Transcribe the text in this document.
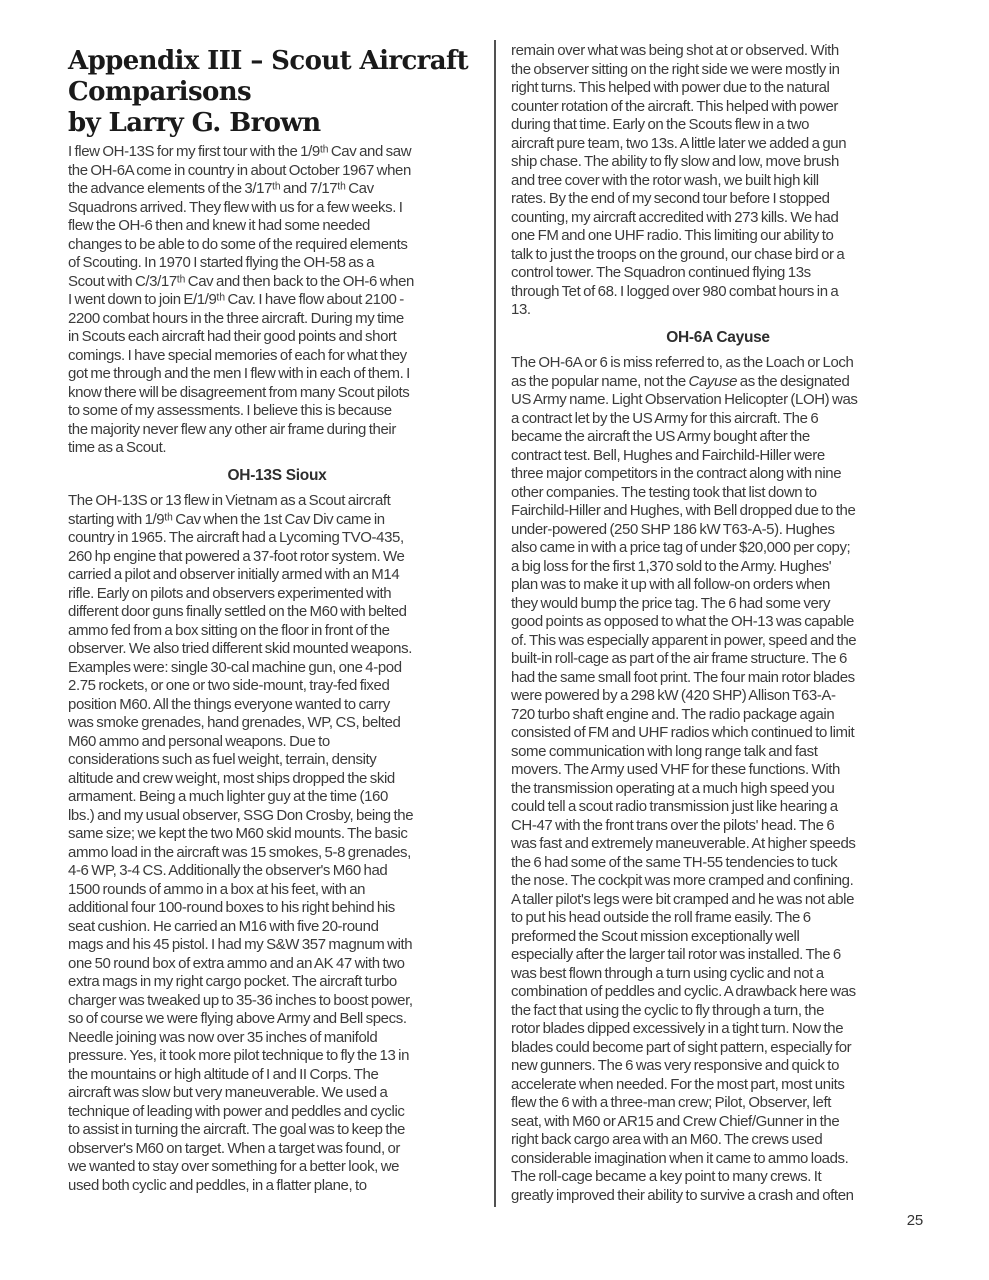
Appendix III – Scout Aircraft
Comparisons
by Larry G. Brown
I flew OH-13S for my first tour with the 1/9ᵗʰ Cav and saw
the OH-6A come in country in about October 1967 when
the advance elements of the 3/17ᵗʰ and 7/17ᵗʰ Cav
Squadrons arrived. They flew with us for a few weeks. I
flew the OH-6 then and knew it had some needed
changes to be able to do some of the required elements
of Scouting. In 1970 I started flying the OH-58 as a
Scout with C/3/17ᵗʰ Cav and then back to the OH-6 when
I went down to join E/1/9ᵗʰ Cav. I have flow about 2100 -
2200 combat hours in the three aircraft. During my time
in Scouts each aircraft had their good points and short
comings. I have special memories of each for what they
got me through and the men I flew with in each of them. I
know there will be disagreement from many Scout pilots
to some of my assessments. I believe this is because
the majority never flew any other air frame during their
time as a Scout.
OH-13S Sioux
The OH-13S or 13 flew in Vietnam as a Scout aircraft
starting with 1/9ᵗʰ Cav when the 1st Cav Div came in
country in 1965. The aircraft had a Lycoming TVO-435,
260 hp engine that powered a 37-foot rotor system. We
carried a pilot and observer initially armed with an M14
rifle. Early on pilots and observers experimented with
different door guns finally settled on the M60 with belted
ammo fed from a box sitting on the floor in front of the
observer. We also tried different skid mounted weapons.
Examples were: single 30-cal machine gun, one 4-pod
2.75 rockets, or one or two side-mount, tray-fed fixed
position M60. All the things everyone wanted to carry
was smoke grenades, hand grenades, WP, CS, belted
M60 ammo and personal weapons. Due to
considerations such as fuel weight, terrain, density
altitude and crew weight, most ships dropped the skid
armament. Being a much lighter guy at the time (160
lbs.) and my usual observer, SSG Don Crosby, being the
same size; we kept the two M60 skid mounts. The basic
ammo load in the aircraft was 15 smokes, 5-8 grenades,
4-6 WP, 3-4 CS. Additionally the observer's M60 had
1500 rounds of ammo in a box at his feet, with an
additional four 100-round boxes to his right behind his
seat cushion. He carried an M16 with five 20-round
mags and his 45 pistol. I had my S&W 357 magnum with
one 50 round box of extra ammo and an AK 47 with two
extra mags in my right cargo pocket. The aircraft turbo
charger was tweaked up to 35-36 inches to boost power,
so of course we were flying above Army and Bell specs.
Needle joining was now over 35 inches of manifold
pressure. Yes, it took more pilot technique to fly the 13 in
the mountains or high altitude of I and II Corps. The
aircraft was slow but very maneuverable. We used a
technique of leading with power and peddles and cyclic
to assist in turning the aircraft. The goal was to keep the
observer's M60 on target. When a target was found, or
we wanted to stay over something for a better look, we
used both cyclic and peddles, in a flatter plane, to
remain over what was being shot at or observed. With
the observer sitting on the right side we were mostly in
right turns. This helped with power due to the natural
counter rotation of the aircraft. This helped with power
during that time. Early on the Scouts flew in a two
aircraft pure team, two 13s. A little later we added a gun
ship chase. The ability to fly slow and low, move brush
and tree cover with the rotor wash, we built high kill
rates. By the end of my second tour before I stopped
counting, my aircraft accredited with 273 kills. We had
one FM and one UHF radio. This limiting our ability to
talk to just the troops on the ground, our chase bird or a
control tower. The Squadron continued flying 13s
through Tet of 68. I logged over 980 combat hours in a
13.
OH-6A Cayuse
The OH-6A or 6 is miss referred to, as the Loach or Loch
as the popular name, not the Cayuse as the designated
US Army name. Light Observation Helicopter (LOH) was
a contract let by the US Army for this aircraft. The 6
became the aircraft the US Army bought after the
contract test. Bell, Hughes and Fairchild-Hiller were
three major competitors in the contract along with nine
other companies. The testing took that list down to
Fairchild-Hiller and Hughes, with Bell dropped due to the
under-powered (250 SHP 186 kW T63-A-5). Hughes
also came in with a price tag of under $20,000 per copy;
a big loss for the first 1,370 sold to the Army. Hughes'
plan was to make it up with all follow-on orders when
they would bump the price tag. The 6 had some very
good points as opposed to what the OH-13 was capable
of. This was especially apparent in power, speed and the
built-in roll-cage as part of the air frame structure. The 6
had the same small foot print. The four main rotor blades
were powered by a 298 kW (420 SHP) Allison T63-A-
720 turbo shaft engine and. The radio package again
consisted of FM and UHF radios which continued to limit
some communication with long range talk and fast
movers. The Army used VHF for these functions. With
the transmission operating at a much high speed you
could tell a scout radio transmission just like hearing a
CH-47 with the front trans over the pilots' head. The 6
was fast and extremely maneuverable. At higher speeds
the 6 had some of the same TH-55 tendencies to tuck
the nose. The cockpit was more cramped and confining.
A taller pilot's legs were bit cramped and he was not able
to put his head outside the roll frame easily. The 6
preformed the Scout mission exceptionally well
especially after the larger tail rotor was installed. The 6
was best flown through a turn using cyclic and not a
combination of peddles and cyclic. A drawback here was
the fact that using the cyclic to fly through a turn, the
rotor blades dipped excessively in a tight turn. Now the
blades could become part of sight pattern, especially for
new gunners. The 6 was very responsive and quick to
accelerate when needed. For the most part, most units
flew the 6 with a three-man crew; Pilot, Observer, left
seat, with M60 or AR15 and Crew Chief/Gunner in the
right back cargo area with an M60. The crews used
considerable imagination when it came to ammo loads.
The roll-cage became a key point to many crews. It
greatly improved their ability to survive a crash and often
25
